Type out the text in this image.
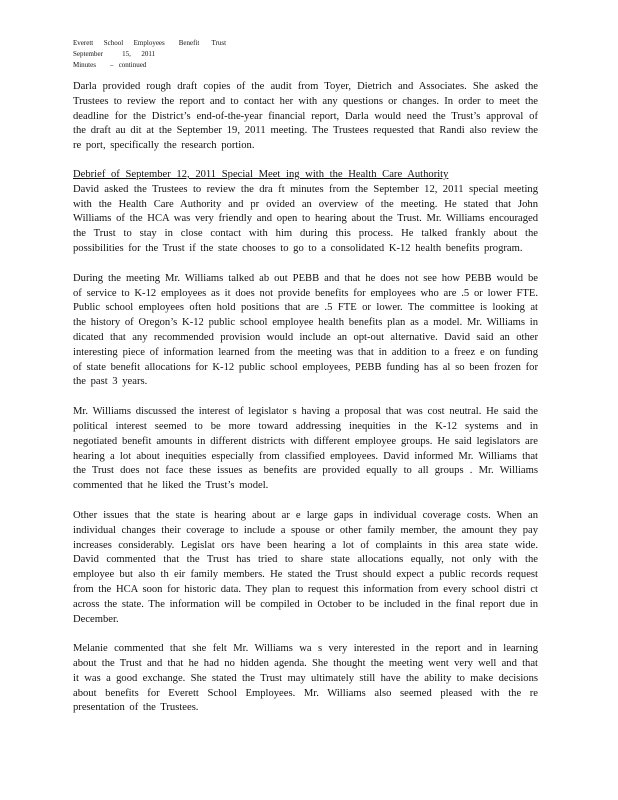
Everett      School      Employees        Benefit       Trust
September           15,      2011
Minutes        –   continued

Darla provided rough draft copies of the audit from Toyer, Dietrich and Associates. She asked the Trustees to review the report and to contact her with any questions or changes. In order to meet the deadline for the District’s end-of-the-year financial report, Darla would need the Trust’s approval of the draft au dit at the September 19, 2011 meeting. The Trustees requested that Randi also review the re port, specifically the research portion.

Debrief of September 12, 2011 Special Meet ing with the Health Care Authority

David asked the Trustees to review the dra ft minutes from the September 12, 2011 special meeting with the Health Care Authority and pr ovided an overview of the meeting. He stated that John Williams of the HCA was very friendly and open to hearing about the Trust. Mr. Williams encouraged the Trust to stay in close contact with him during this process. He talked frankly about the possibilities for the Trust if the state chooses to go to a consolidated K-12 health benefits program.

During the meeting Mr. Williams talked ab out PEBB and that he does not see how PEBB would be of service to K-12 employees as it does not provide benefits for employees who are .5 or lower FTE. Public school employees often hold positions that are .5 FTE or lower. The committee is looking at the history of Oregon’s K-12 public school employee health benefits plan as a model. Mr. Williams in dicated that any recommended provision would include an opt-out alternative. David said an other interesting piece of information learned from the meeting was that in addition to a freez e on funding of state benefit allocations for K-12 public school employees, PEBB funding has al so been frozen for the past 3 years.

Mr. Williams discussed the interest of legislator s having a proposal that was cost neutral. He said the political interest seemed to be more toward addressing inequities in the K-12 systems and in negotiated benefit amounts in different districts with different employee groups. He said legislators are hearing a lot about inequities especially from classified employees. David informed Mr. Williams that the Trust does not face these issues as benefits are provided equally to all groups . Mr. Williams commented that he liked the Trust’s model.

Other issues that the state is hearing about ar e large gaps in individual coverage costs. When an individual changes their coverage to include a spouse or other family member, the amount they pay increases considerably. Legislat ors have been hearing a lot of complaints in this area state wide. David commented that the Trust has tried to share state allocations equally, not only with the employee but also th eir family members. He stated the Trust should expect a public records request from the HCA soon for historic data. They plan to request this information from every school distri ct across the state. The information will be compiled in October to be included in the final report due in December.

Melanie commented that she felt Mr. Williams wa s very interested in the report and in learning about the Trust and that he had no hidden agenda. She thought the meeting went very well and that it was a good exchange. She stated the Trust may ultimately still have the ability to make decisions about benefits for Everett School Employees. Mr. Williams also seemed pleased with the re presentation of the Trustees.
